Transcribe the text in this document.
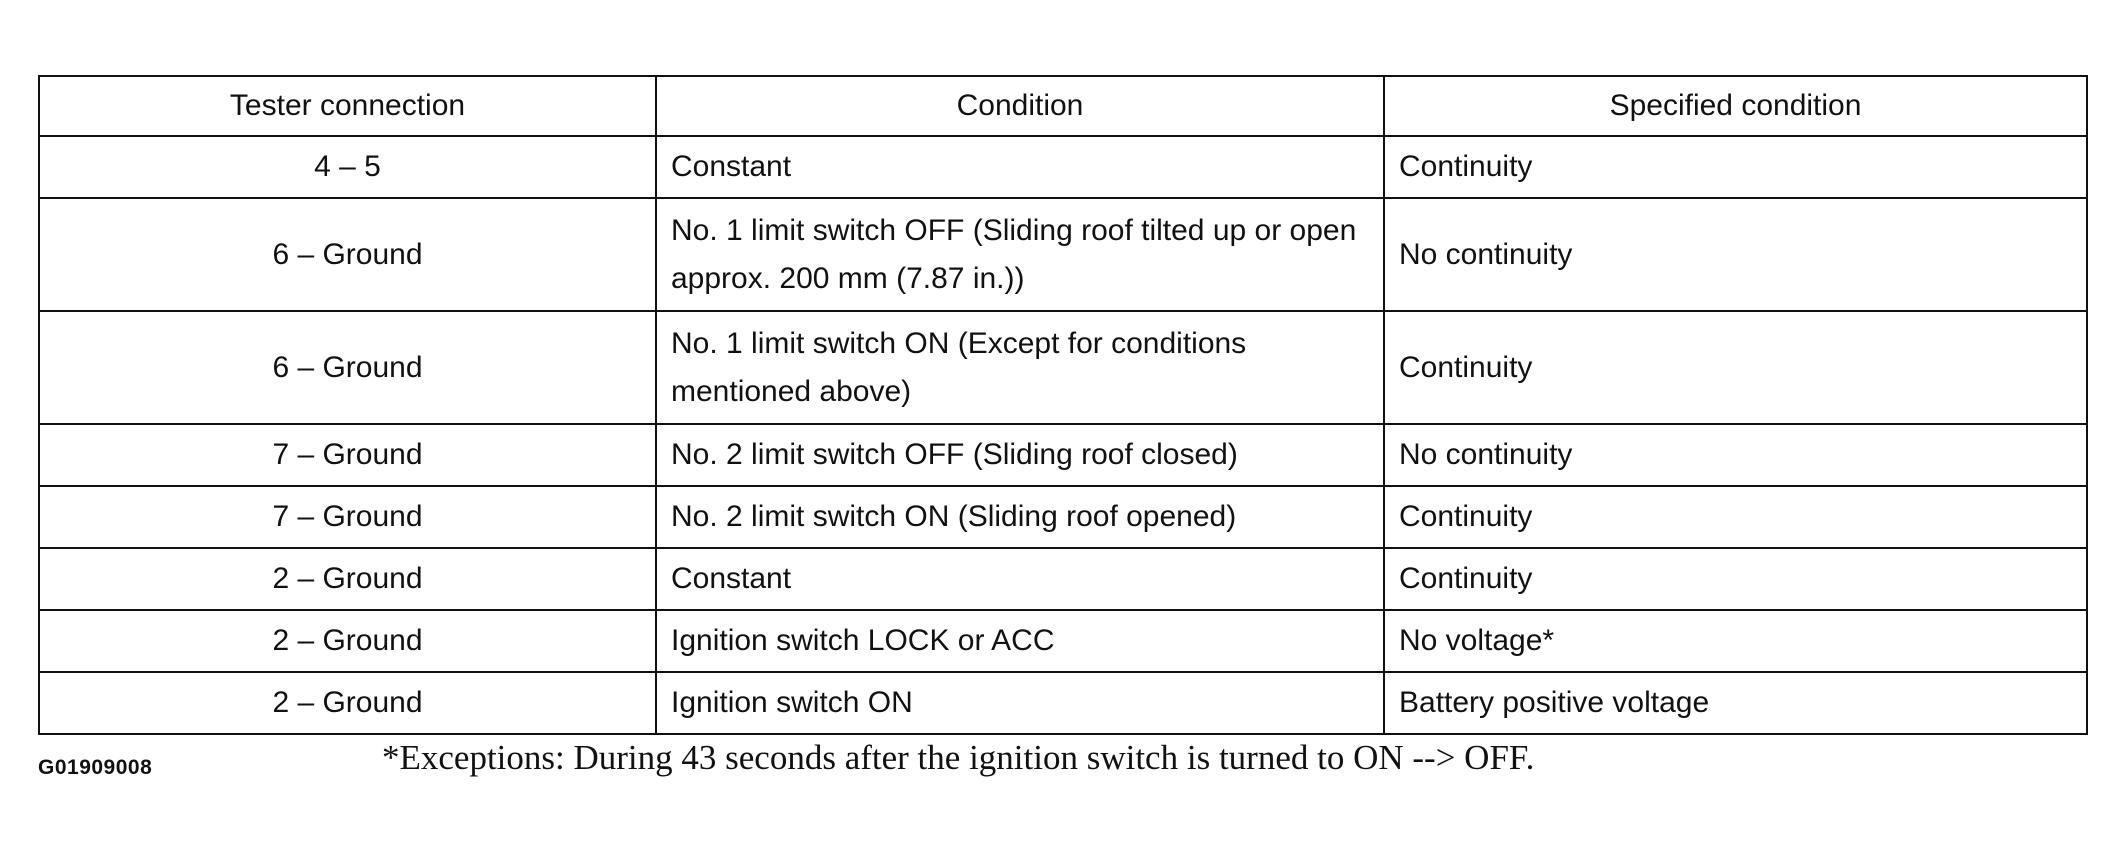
Tester connection	Condition	Specified condition
4 – 5	Constant	Continuity
6 – Ground	No. 1 limit switch OFF (Sliding roof tilted up or open approx. 200 mm (7.87 in.))	No continuity
6 – Ground	No. 1 limit switch ON (Except for conditions mentioned above)	Continuity
7 – Ground	No. 2 limit switch OFF (Sliding roof closed)	No continuity
7 – Ground	No. 2 limit switch ON (Sliding roof opened)	Continuity
2 – Ground	Constant	Continuity
2 – Ground	Ignition switch LOCK or ACC	No voltage*
2 – Ground	Ignition switch ON	Battery positive voltage
G01909008	*Exceptions: During 43 seconds after the ignition switch is turned to ON --> OFF.
